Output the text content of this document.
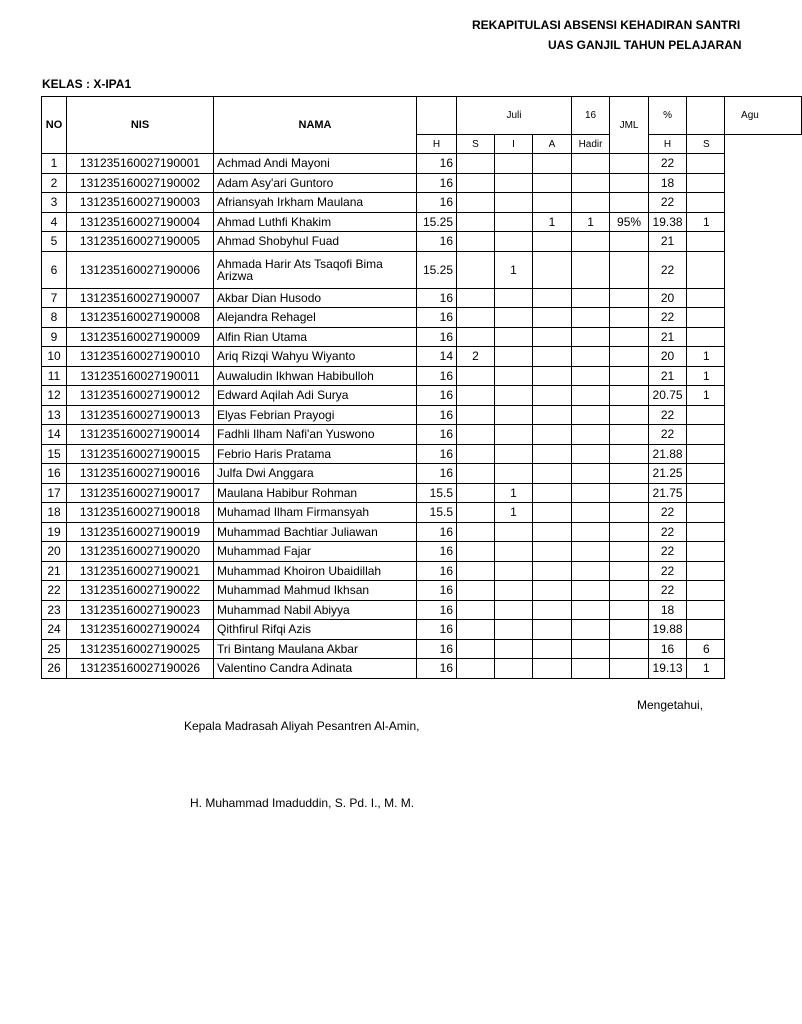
REKAPITULASI ABSENSI KEHADIRAN SANTRI
UAS GANJIL TAHUN PELAJARAN
KELAS : X-IPA1
NO	NIS	NAMA		Juli			16	JML	%		Agu
			H	S	I	A	Hadir		H	S	
1	131235160027190001	Achmad Andi Mayoni	16						22		
2	131235160027190002	Adam Asy'ari Guntoro	16						18		
3	131235160027190003	Afriansyah Irkham Maulana	16						22		
4	131235160027190004	Ahmad Luthfi Khakim	15.25			1	1	95%	19.38	1	
5	131235160027190005	Ahmad Shobyhul Fuad	16						21		
6	131235160027190006	Ahmada Harir Ats Tsaqofi Bima Arizwa	15.25		1				22		
7	131235160027190007	Akbar Dian Husodo	16						20		
8	131235160027190008	Alejandra Rehagel	16						22		
9	131235160027190009	Alfin Rian Utama	16						21		
10	131235160027190010	Ariq Rizqi Wahyu Wiyanto	14	2					20	1	
11	131235160027190011	Auwaludin Ikhwan Habibulloh	16						21	1	
12	131235160027190012	Edward Aqilah Adi Surya	16						20.75	1	
13	131235160027190013	Elyas Febrian Prayogi	16						22		
14	131235160027190014	Fadhli Ilham Nafi'an Yuswono	16						22		
15	131235160027190015	Febrio Haris Pratama	16						21.88		
16	131235160027190016	Julfa Dwi Anggara	16						21.25		
17	131235160027190017	Maulana Habibur Rohman	15.5		1				21.75		
18	131235160027190018	Muhamad Ilham Firmansyah	15.5		1				22		
19	131235160027190019	Muhammad Bachtiar Juliawan	16						22		
20	131235160027190020	Muhammad Fajar	16						22		
21	131235160027190021	Muhammad Khoiron Ubaidillah	16						22		
22	131235160027190022	Muhammad Mahmud Ikhsan	16						22		
23	131235160027190023	Muhammad Nabil Abiyya	16						18		
24	131235160027190024	Qithfirul Rifqi Azis	16						19.88		
25	131235160027190025	Tri Bintang Maulana Akbar	16						16	6	
26	131235160027190026	Valentino Candra Adinata	16						19.13	1	
Mengetahui,
Kepala Madrasah Aliyah Pesantren Al-Amin,
H. Muhammad Imaduddin, S. Pd. I., M. M.
